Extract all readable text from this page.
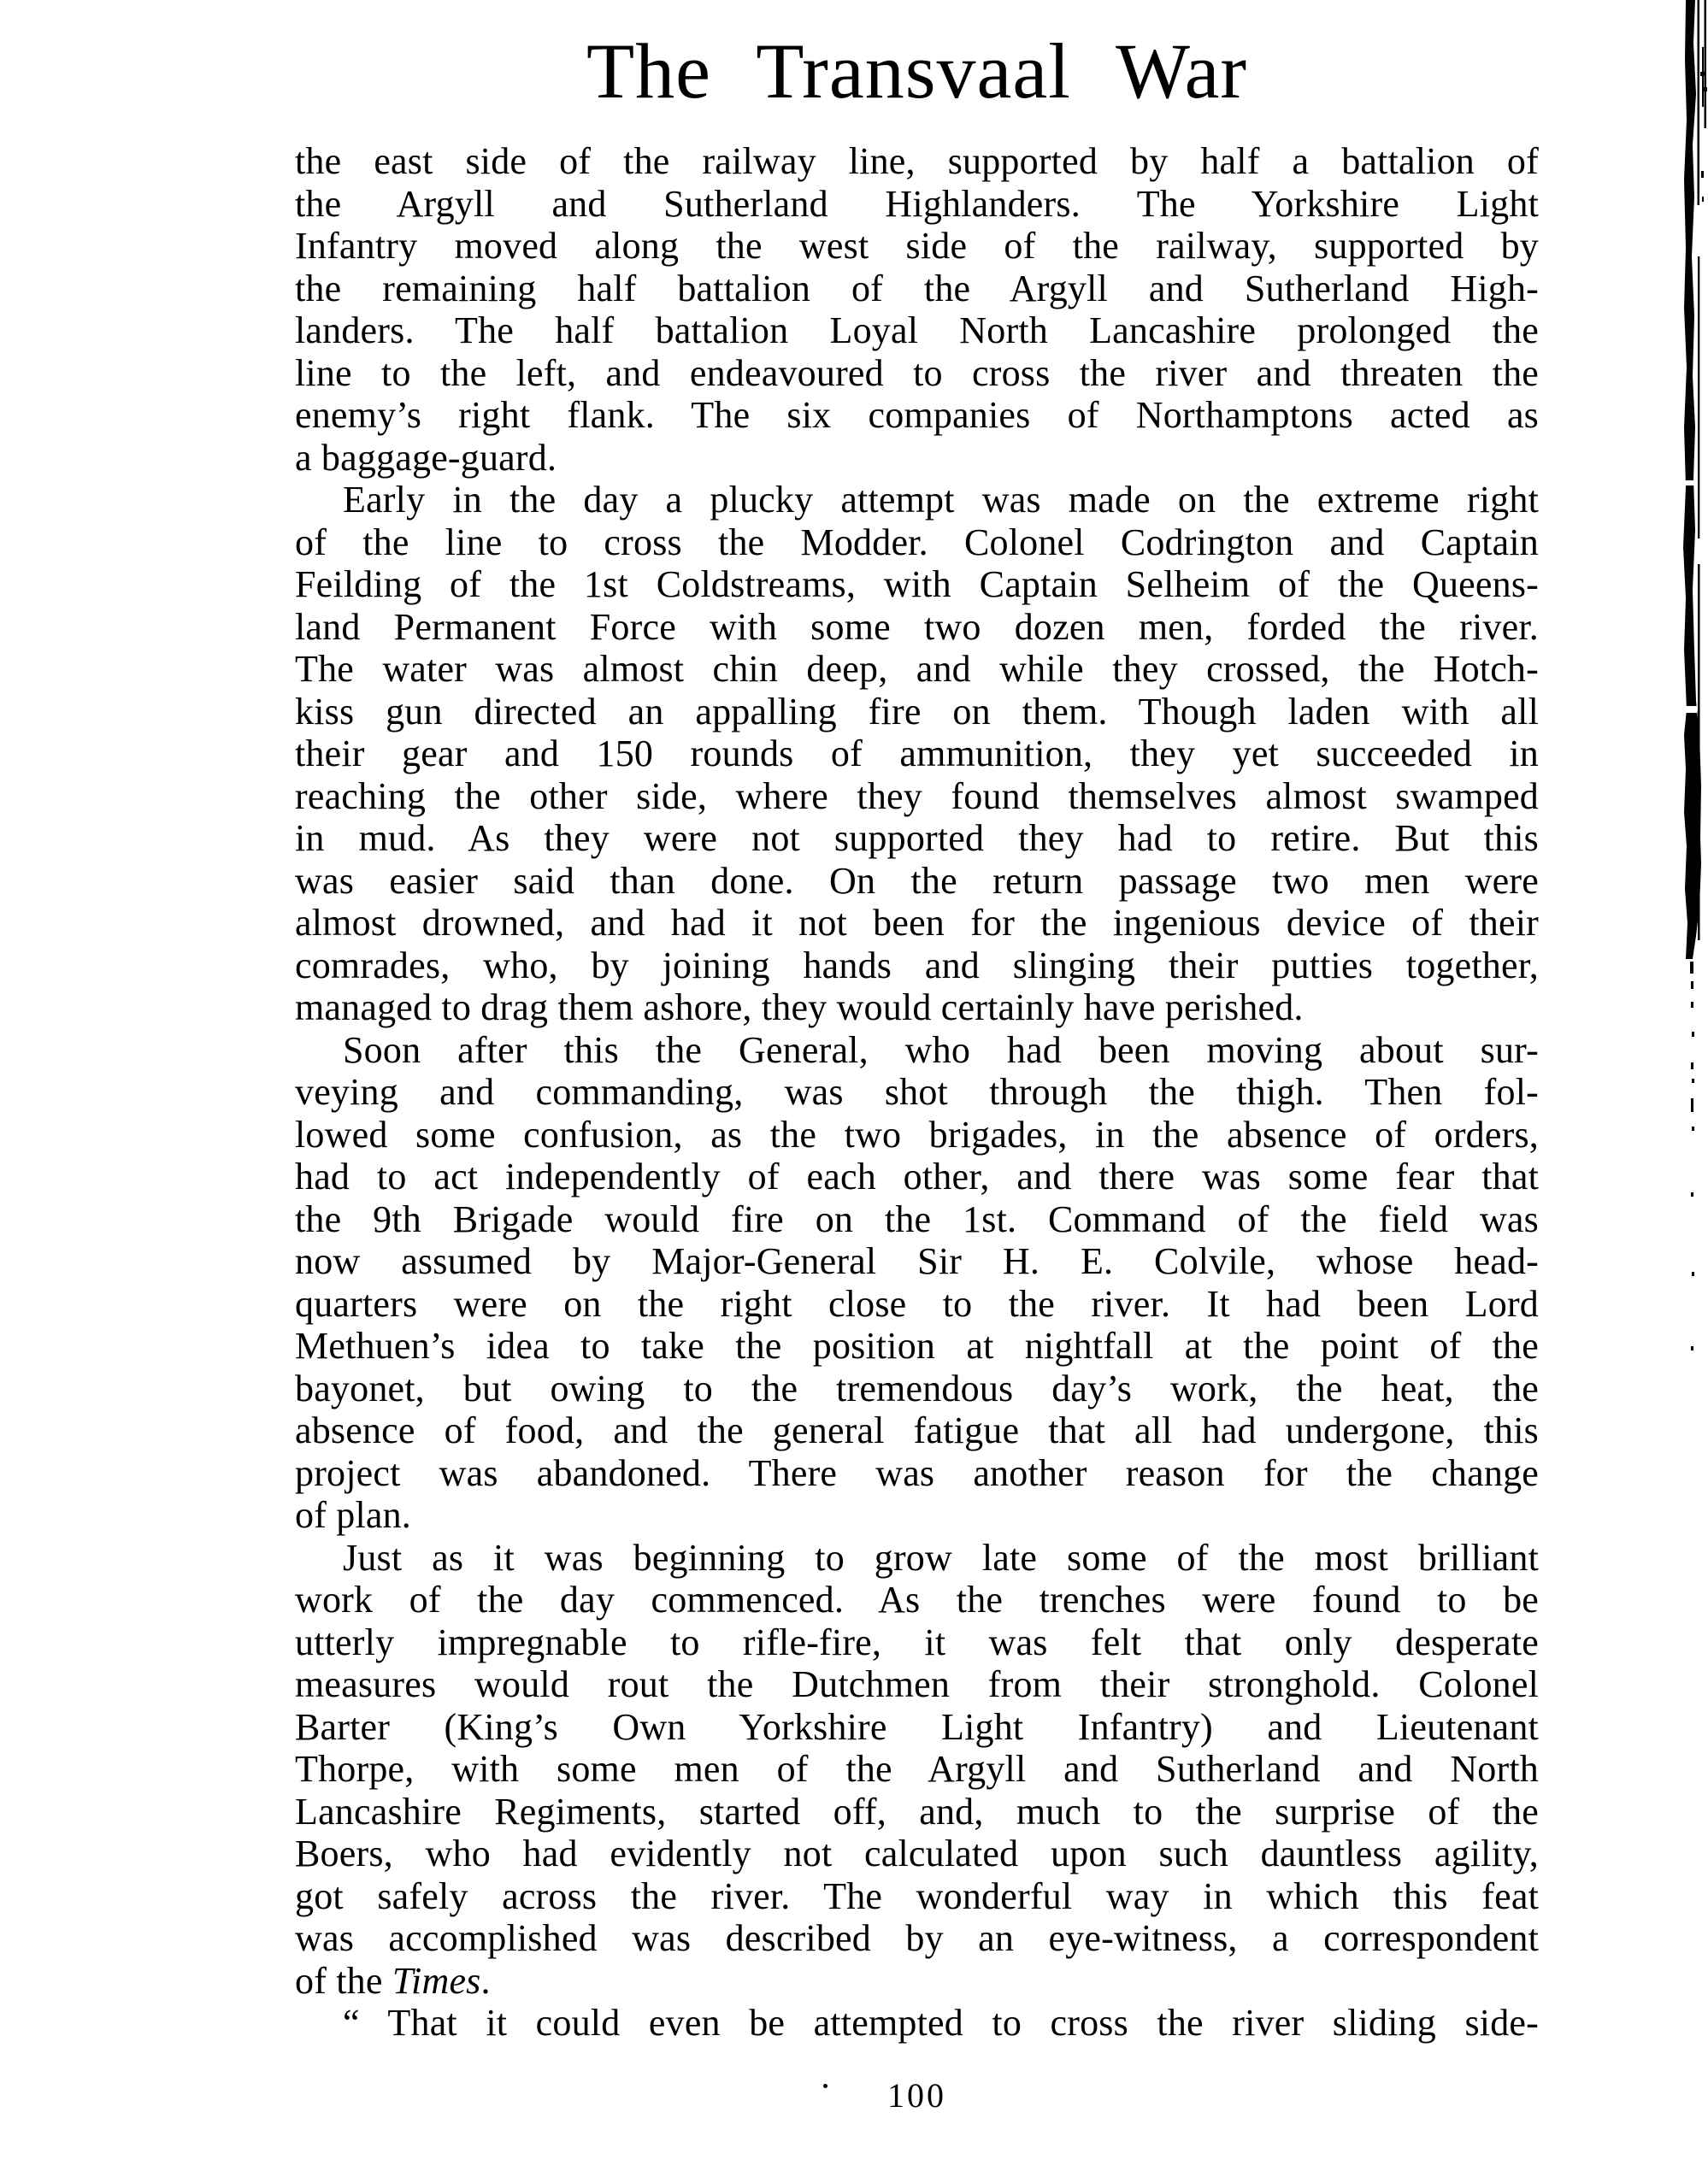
The Transvaal War
the east side of the railway line, supported by half a battalion of
the Argyll and Sutherland Highlanders. The Yorkshire Light
Infantry moved along the west side of the railway, supported by
the remaining half battalion of the Argyll and Sutherland High-
landers. The half battalion Loyal North Lancashire prolonged the
line to the left, and endeavoured to cross the river and threaten the
enemy’s right flank. The six companies of Northamptons acted as
a baggage-guard.
Early in the day a plucky attempt was made on the extreme right
of the line to cross the Modder. Colonel Codrington and Captain
Feilding of the 1st Coldstreams, with Captain Selheim of the Queens-
land Permanent Force with some two dozen men, forded the river.
The water was almost chin deep, and while they crossed, the Hotch-
kiss gun directed an appalling fire on them. Though laden with all
their gear and 150 rounds of ammunition, they yet succeeded in
reaching the other side, where they found themselves almost swamped
in mud. As they were not supported they had to retire. But this
was easier said than done. On the return passage two men were
almost drowned, and had it not been for the ingenious device of their
comrades, who, by joining hands and slinging their putties together,
managed to drag them ashore, they would certainly have perished.
Soon after this the General, who had been moving about sur-
veying and commanding, was shot through the thigh. Then fol-
lowed some confusion, as the two brigades, in the absence of orders,
had to act independently of each other, and there was some fear that
the 9th Brigade would fire on the 1st. Command of the field was
now assumed by Major-General Sir H. E. Colvile, whose head-
quarters were on the right close to the river. It had been Lord
Methuen’s idea to take the position at nightfall at the point of the
bayonet, but owing to the tremendous day’s work, the heat, the
absence of food, and the general fatigue that all had undergone, this
project was abandoned. There was another reason for the change
of plan.
Just as it was beginning to grow late some of the most brilliant
work of the day commenced. As the trenches were found to be
utterly impregnable to rifle-fire, it was felt that only desperate
measures would rout the Dutchmen from their stronghold. Colonel
Barter (King’s Own Yorkshire Light Infantry) and Lieutenant
Thorpe, with some men of the Argyll and Sutherland and North
Lancashire Regiments, started off, and, much to the surprise of the
Boers, who had evidently not calculated upon such dauntless agility,
got safely across the river. The wonderful way in which this feat
was accomplished was described by an eye-witness, a correspondent
of the Times.
“ That it could even be attempted to cross the river sliding side-
100
